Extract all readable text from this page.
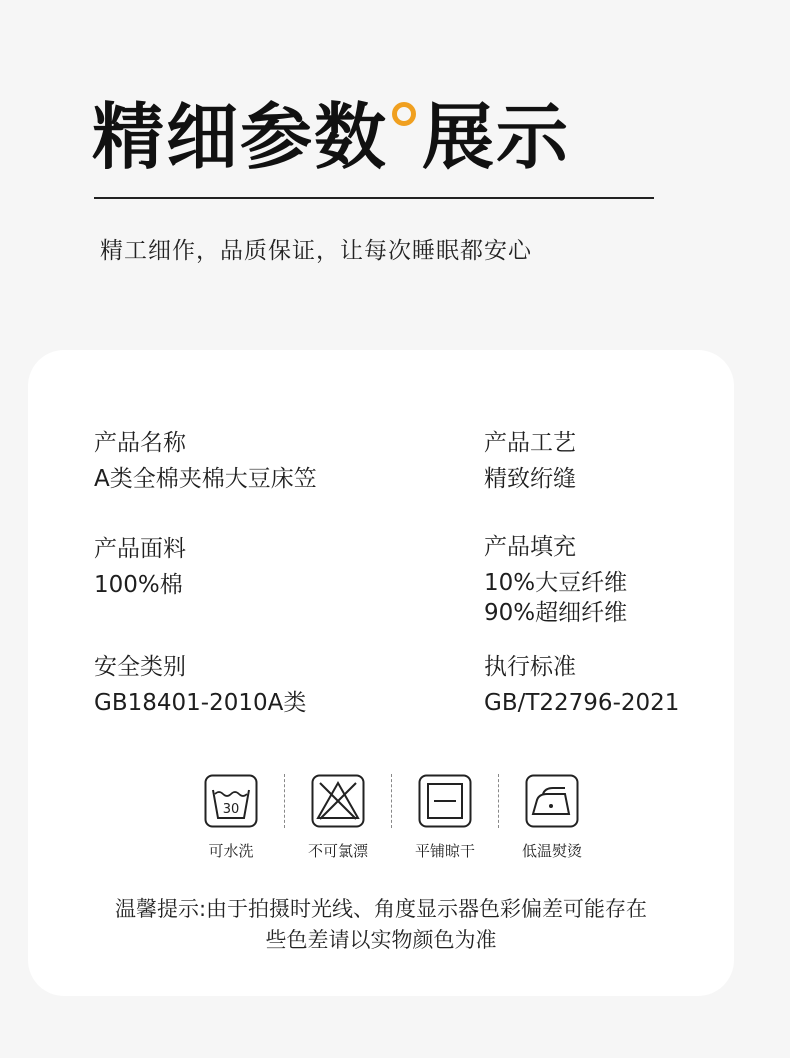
精细参数 展示
精工细作，品质保证，让每次睡眠都安心
产品名称
A类全棉夹棉大豆床笠
产品工艺
精致绗缝
产品面料
100%棉
产品填充
10%大豆纤维
90%超细纤维
安全类别
GB18401-2010A类
执行标准
GB/T22796-2021
30
可水洗	不可氯漂	平铺晾干	低温熨烫
温馨提示:由于拍摄时光线、角度显示器色彩偏差可能存在
些色差请以实物颜色为准
